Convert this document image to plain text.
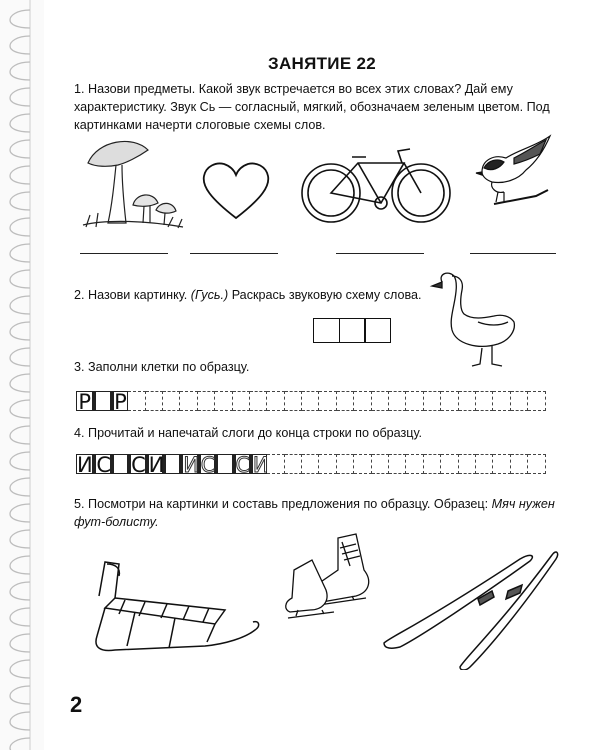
ЗАНЯТИЕ 22
1. Назови предметы. Какой звук встречается во всех этих словах? Дай ему характеристику. Звук Сь — согласный, мягкий, обозначаем зеленым цветом. Под картинками начерти слоговые схемы слов.
2. Назови картинку. (Гусь.) Раскрась звуковую схему слова.
3. Заполни клетки по образцу.
Р Р
4. Прочитай и напечатай слоги до конца строки по образцу.
И С С И И С С И
5. Посмотри на картинки и составь предложения по образцу. Образец: Мяч нужен фут-болисту.
2
